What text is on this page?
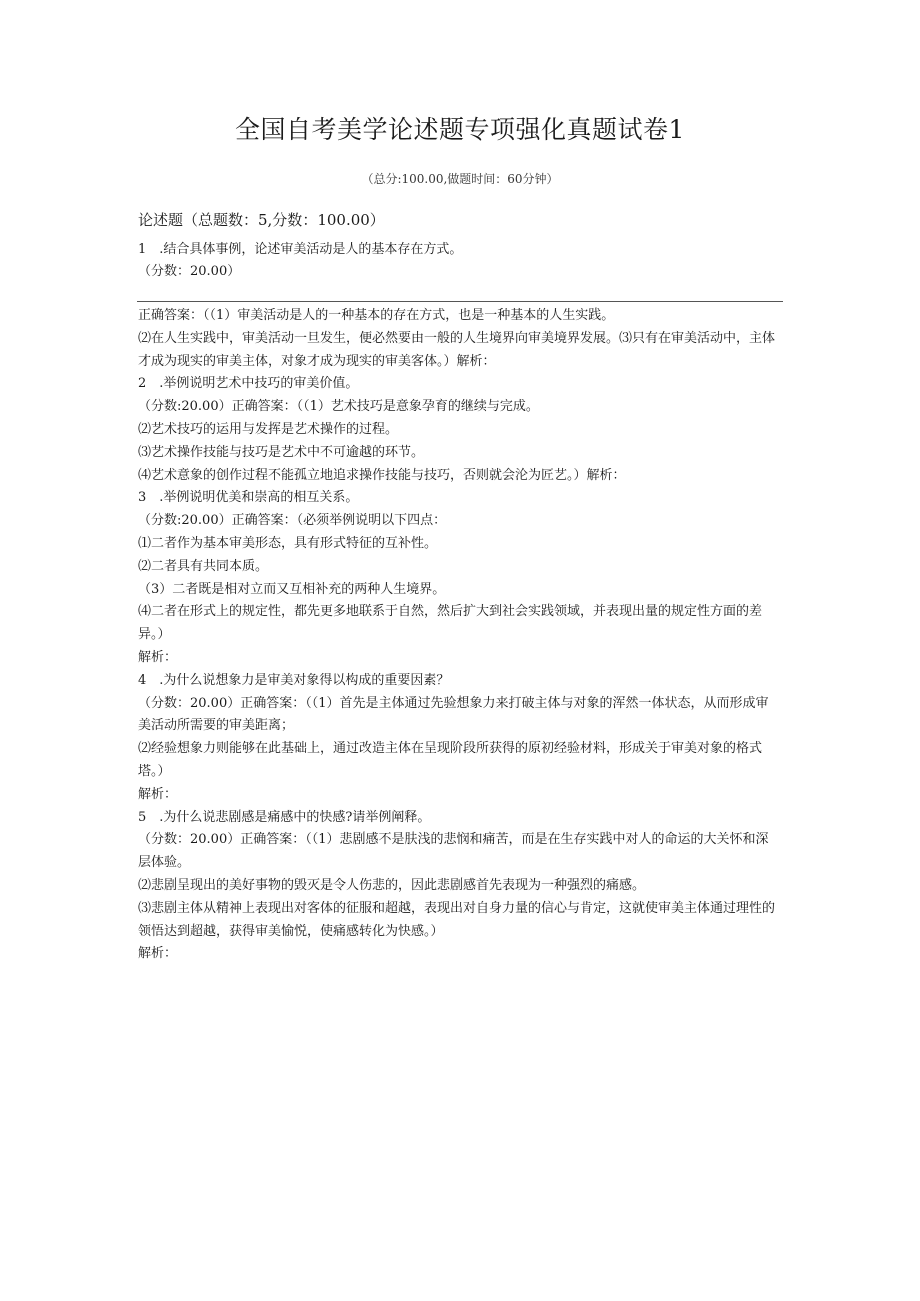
全国自考美学论述题专项强化真题试卷1
（总分:100.00,做题时间：60分钟）
论述题（总题数：5,分数：100.00）
1　.结合具体事例，论述审美活动是人的基本存在方式。
（分数：20.00）
正确答案：（（1）审美活动是人的一种基本的存在方式，也是一种基本的人生实践。
⑵在人生实践中，审美活动一旦发生，便必然要由一般的人生境界向审美境界发展。⑶只有在审美活动中，主体
才成为现实的审美主体，对象才成为现实的审美客体。）解析：
2　.举例说明艺术中技巧的审美价值。
（分数:20.00）正确答案：（（1）艺术技巧是意象孕育的继续与完成。
⑵艺术技巧的运用与发挥是艺术操作的过程。
⑶艺术操作技能与技巧是艺术中不可逾越的环节。
⑷艺术意象的创作过程不能孤立地追求操作技能与技巧，否则就会沦为匠艺。）解析：
3　.举例说明优美和崇高的相互关系。
（分数:20.00）正确答案：（必须举例说明以下四点：
⑴二者作为基本审美形态，具有形式特征的互补性。
⑵二者具有共同本质。
（3）二者既是相对立而又互相补充的两种人生境界。
⑷二者在形式上的规定性，都先更多地联系于自然，然后扩大到社会实践领域，并表现出量的规定性方面的差
异。）
解析：
4　.为什么说想象力是审美对象得以构成的重要因素？
（分数：20.00）正确答案：（（1）首先是主体通过先验想象力来打破主体与对象的浑然一体状态，从而形成审
美活动所需要的审美距离；
⑵经验想象力则能够在此基础上，通过改造主体在呈现阶段所获得的原初经验材料，形成关于审美对象的格式
塔。）
解析：
5　.为什么说悲剧感是痛感中的快感?请举例阐释。
（分数：20.00）正确答案：（（1）悲剧感不是肤浅的悲悯和痛苦，而是在生存实践中对人的命运的大关怀和深
层体验。
⑵悲剧呈现出的美好事物的毁灭是令人伤悲的，因此悲剧感首先表现为一种强烈的痛感。
⑶悲剧主体从精神上表现出对客体的征服和超越，表现出对自身力量的信心与肯定，这就使审美主体通过理性的
领悟达到超越，获得审美愉悦，使痛感转化为快感。）
解析：
